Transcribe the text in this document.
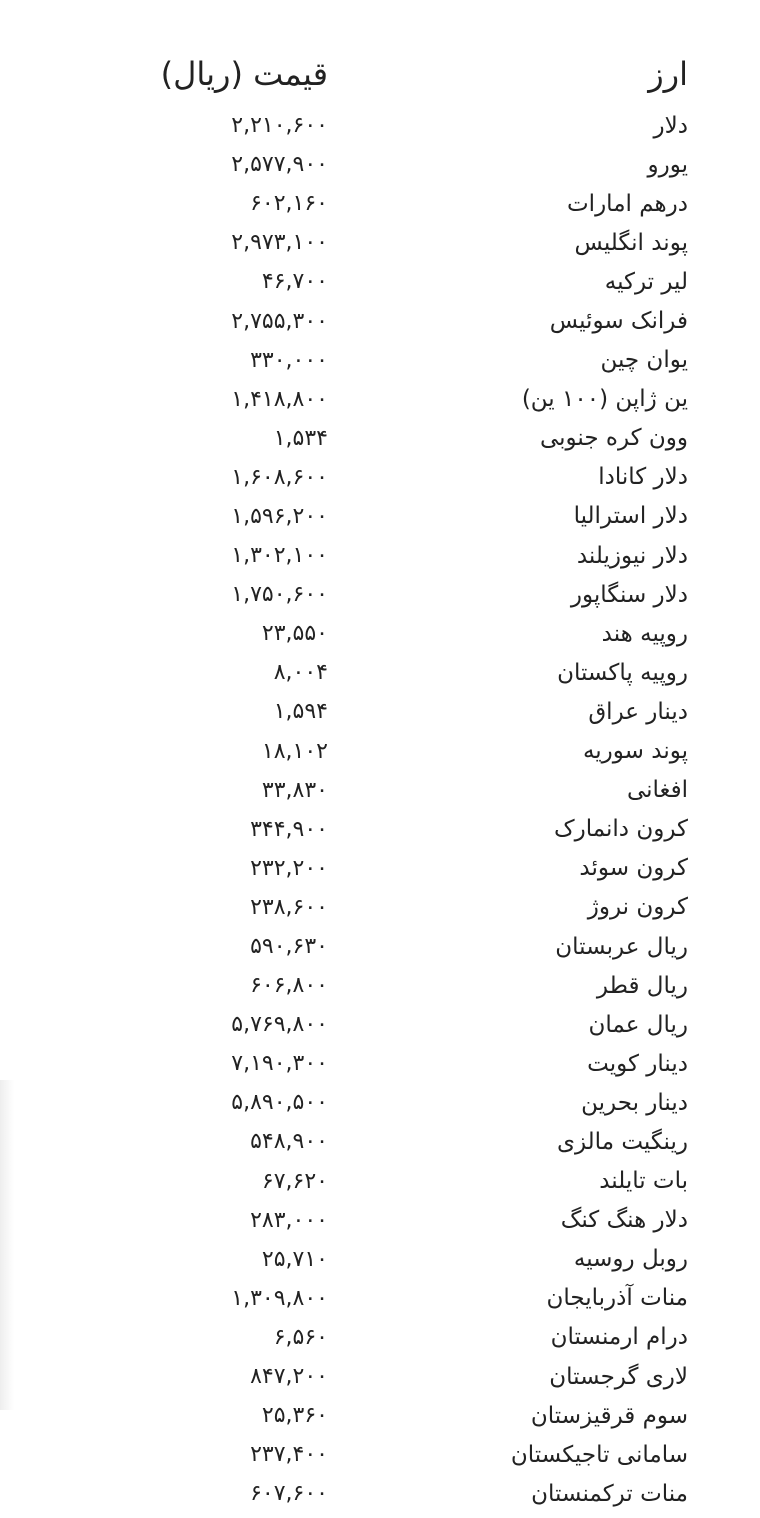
ارز
قیمت (ریال)
دلار
۲,۲۱۰,۶۰۰
یورو
۲,۵۷۷,۹۰۰
درهم امارات
۶۰۲,۱۶۰
پوند انگلیس
۲,۹۷۳,۱۰۰
لیر ترکیه
۴۶,۷۰۰
فرانک سوئیس
۲,۷۵۵,۳۰۰
یوان چین
۳۳۰,۰۰۰
ین ژاپن (۱۰۰ ین)
۱,۴۱۸,۸۰۰
وون کره جنوبی
۱,۵۳۴
دلار کانادا
۱,۶۰۸,۶۰۰
دلار استرالیا
۱,۵۹۶,۲۰۰
دلار نیوزیلند
۱,۳۰۲,۱۰۰
دلار سنگاپور
۱,۷۵۰,۶۰۰
روپیه هند
۲۳,۵۵۰
روپیه پاکستان
۸,۰۰۴
دینار عراق
۱,۵۹۴
پوند سوریه
۱۸,۱۰۲
افغانی
۳۳,۸۳۰
کرون دانمارک
۳۴۴,۹۰۰
کرون سوئد
۲۳۲,۲۰۰
کرون نروژ
۲۳۸,۶۰۰
ریال عربستان
۵۹۰,۶۳۰
ریال قطر
۶۰۶,۸۰۰
ریال عمان
۵,۷۶۹,۸۰۰
دینار کویت
۷,۱۹۰,۳۰۰
دینار بحرین
۵,۸۹۰,۵۰۰
رینگیت مالزی
۵۴۸,۹۰۰
بات تایلند
۶۷,۶۲۰
دلار هنگ کنگ
۲۸۳,۰۰۰
روبل روسیه
۲۵,۷۱۰
منات آذربایجان
۱,۳۰۹,۸۰۰
درام ارمنستان
۶,۵۶۰
لاری گرجستان
۸۴۷,۲۰۰
سوم قرقیزستان
۲۵,۳۶۰
سامانی تاجیکستان
۲۳۷,۴۰۰
منات ترکمنستان
۶۰۷,۶۰۰
